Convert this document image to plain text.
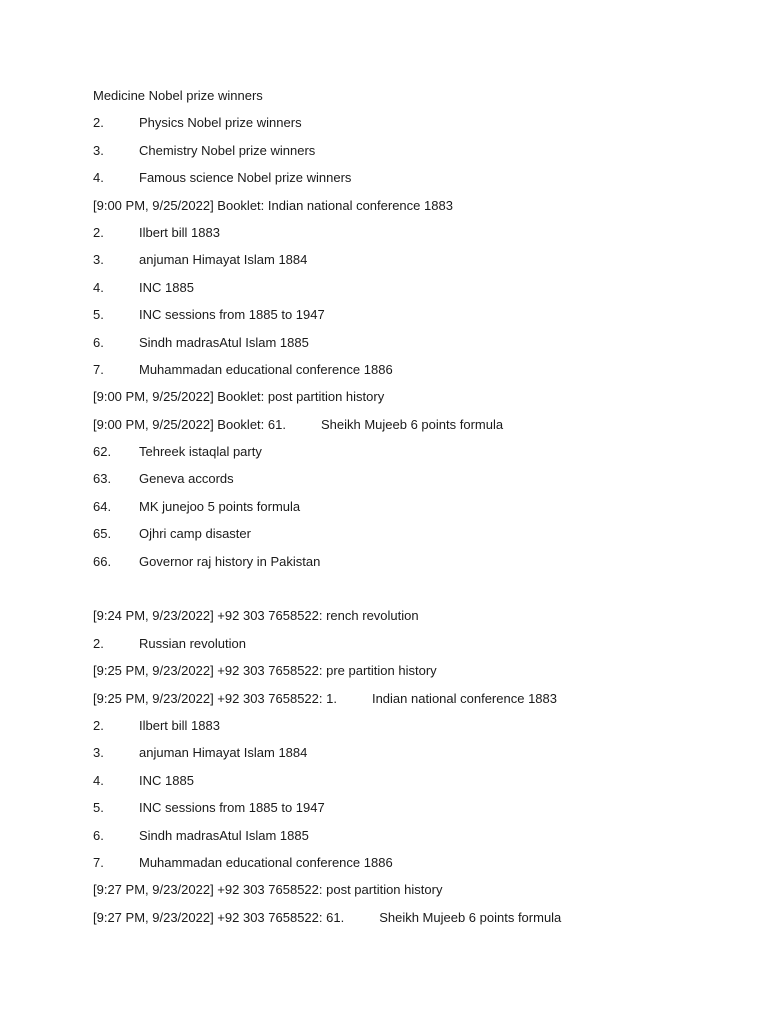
Medicine Nobel prize winners
2.	Physics Nobel prize winners
3.	Chemistry Nobel prize winners
4.	Famous science Nobel prize winners
[9:00 PM, 9/25/2022] Booklet: Indian national conference 1883
2.	Ilbert bill 1883
3.	anjuman Himayat Islam 1884
4.	INC 1885
5.	INC sessions from 1885 to 1947
6.	Sindh madrasAtul Islam 1885
7.	Muhammadan educational conference 1886
[9:00 PM, 9/25/2022] Booklet: post partition history
[9:00 PM, 9/25/2022] Booklet: 61.	Sheikh Mujeeb 6 points formula
62.	Tehreek istaqlal party
63.	Geneva accords
64.	MK junejoo 5 points formula
65.	Ojhri camp disaster
66.	Governor raj history in Pakistan
[9:24 PM, 9/23/2022] +92 303 7658522: rench revolution
2.	Russian revolution
[9:25 PM, 9/23/2022] +92 303 7658522: pre partition history
[9:25 PM, 9/23/2022] +92 303 7658522: 1.	Indian national conference 1883
2.	Ilbert bill 1883
3.	anjuman Himayat Islam 1884
4.	INC 1885
5.	INC sessions from 1885 to 1947
6.	Sindh madrasAtul Islam 1885
7.	Muhammadan educational conference 1886
[9:27 PM, 9/23/2022] +92 303 7658522: post partition history
[9:27 PM, 9/23/2022] +92 303 7658522: 61.	Sheikh Mujeeb 6 points formula
